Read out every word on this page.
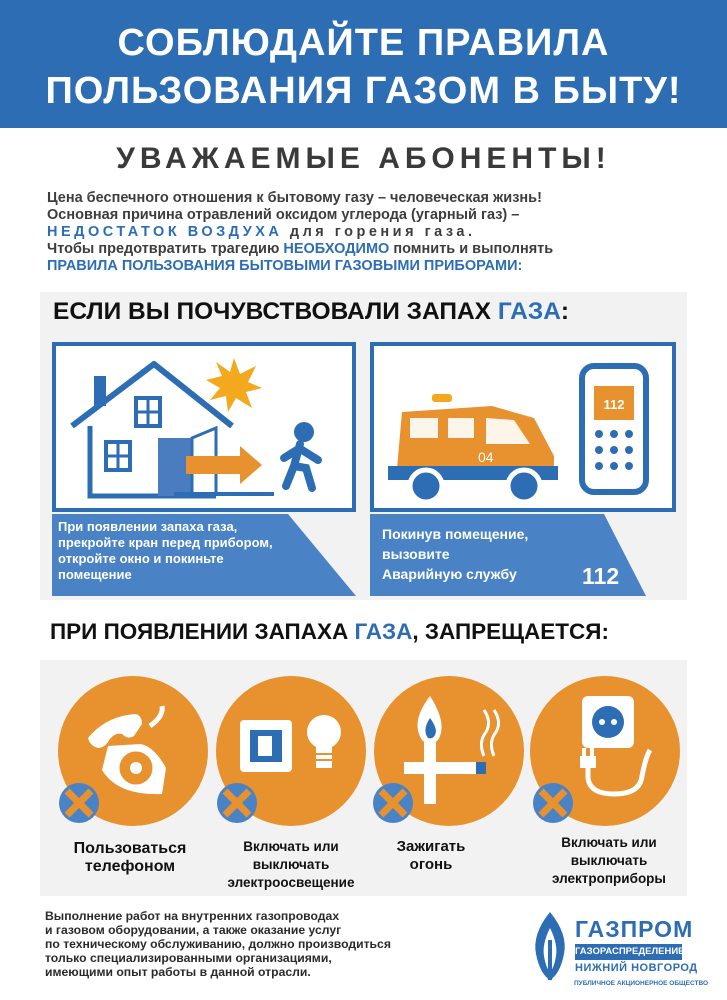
СОБЛЮДАЙТЕ ПРАВИЛА
ПОЛЬЗОВАНИЯ ГАЗОМ В БЫТУ!
УВАЖАЕМЫЕ АБОНЕНТЫ!
Цена беспечного отношения к бытовому газу – человеческая жизнь!
Основная причина отравлений оксидом углерода (угарный газ) –
НЕДОСТАТОК ВОЗДУХА для горения газа.
Чтобы предотвратить трагедию НЕОБХОДИМО помнить и выполнять
ПРАВИЛА ПОЛЬЗОВАНИЯ БЫТОВЫМИ ГАЗОВЫМИ ПРИБОРАМИ:
ЕСЛИ ВЫ ПОЧУВСТВОВАЛИ ЗАПАХ ГАЗА:
04
112
При появлении запаха газа,
прекройте кран перед прибором,
откройте окно и покиньте
помещение
Покинув помещение,
вызовите
Аварийную службу	112
ПРИ ПОЯВЛЕНИИ ЗАПАХА ГАЗА, ЗАПРЕЩАЕТСЯ:
Пользоваться
телефоном
Включать или
выключать
электроосвещение
Зажигать
огонь
Включать или
выключать
электроприборы
Выполнение работ на внутренних газопроводах
и газовом оборудовании, а также оказание услуг
по техническому обслуживанию, должно производиться
только специализированными организациями,
имеющими опыт работы в данной отрасли.
ГАЗПРОМ
ГАЗОРАСПРЕДЕЛЕНИЕ
НИЖНИЙ НОВГОРОД
ПУБЛИЧНОЕ АКЦИОНЕРНОЕ ОБЩЕСТВО
